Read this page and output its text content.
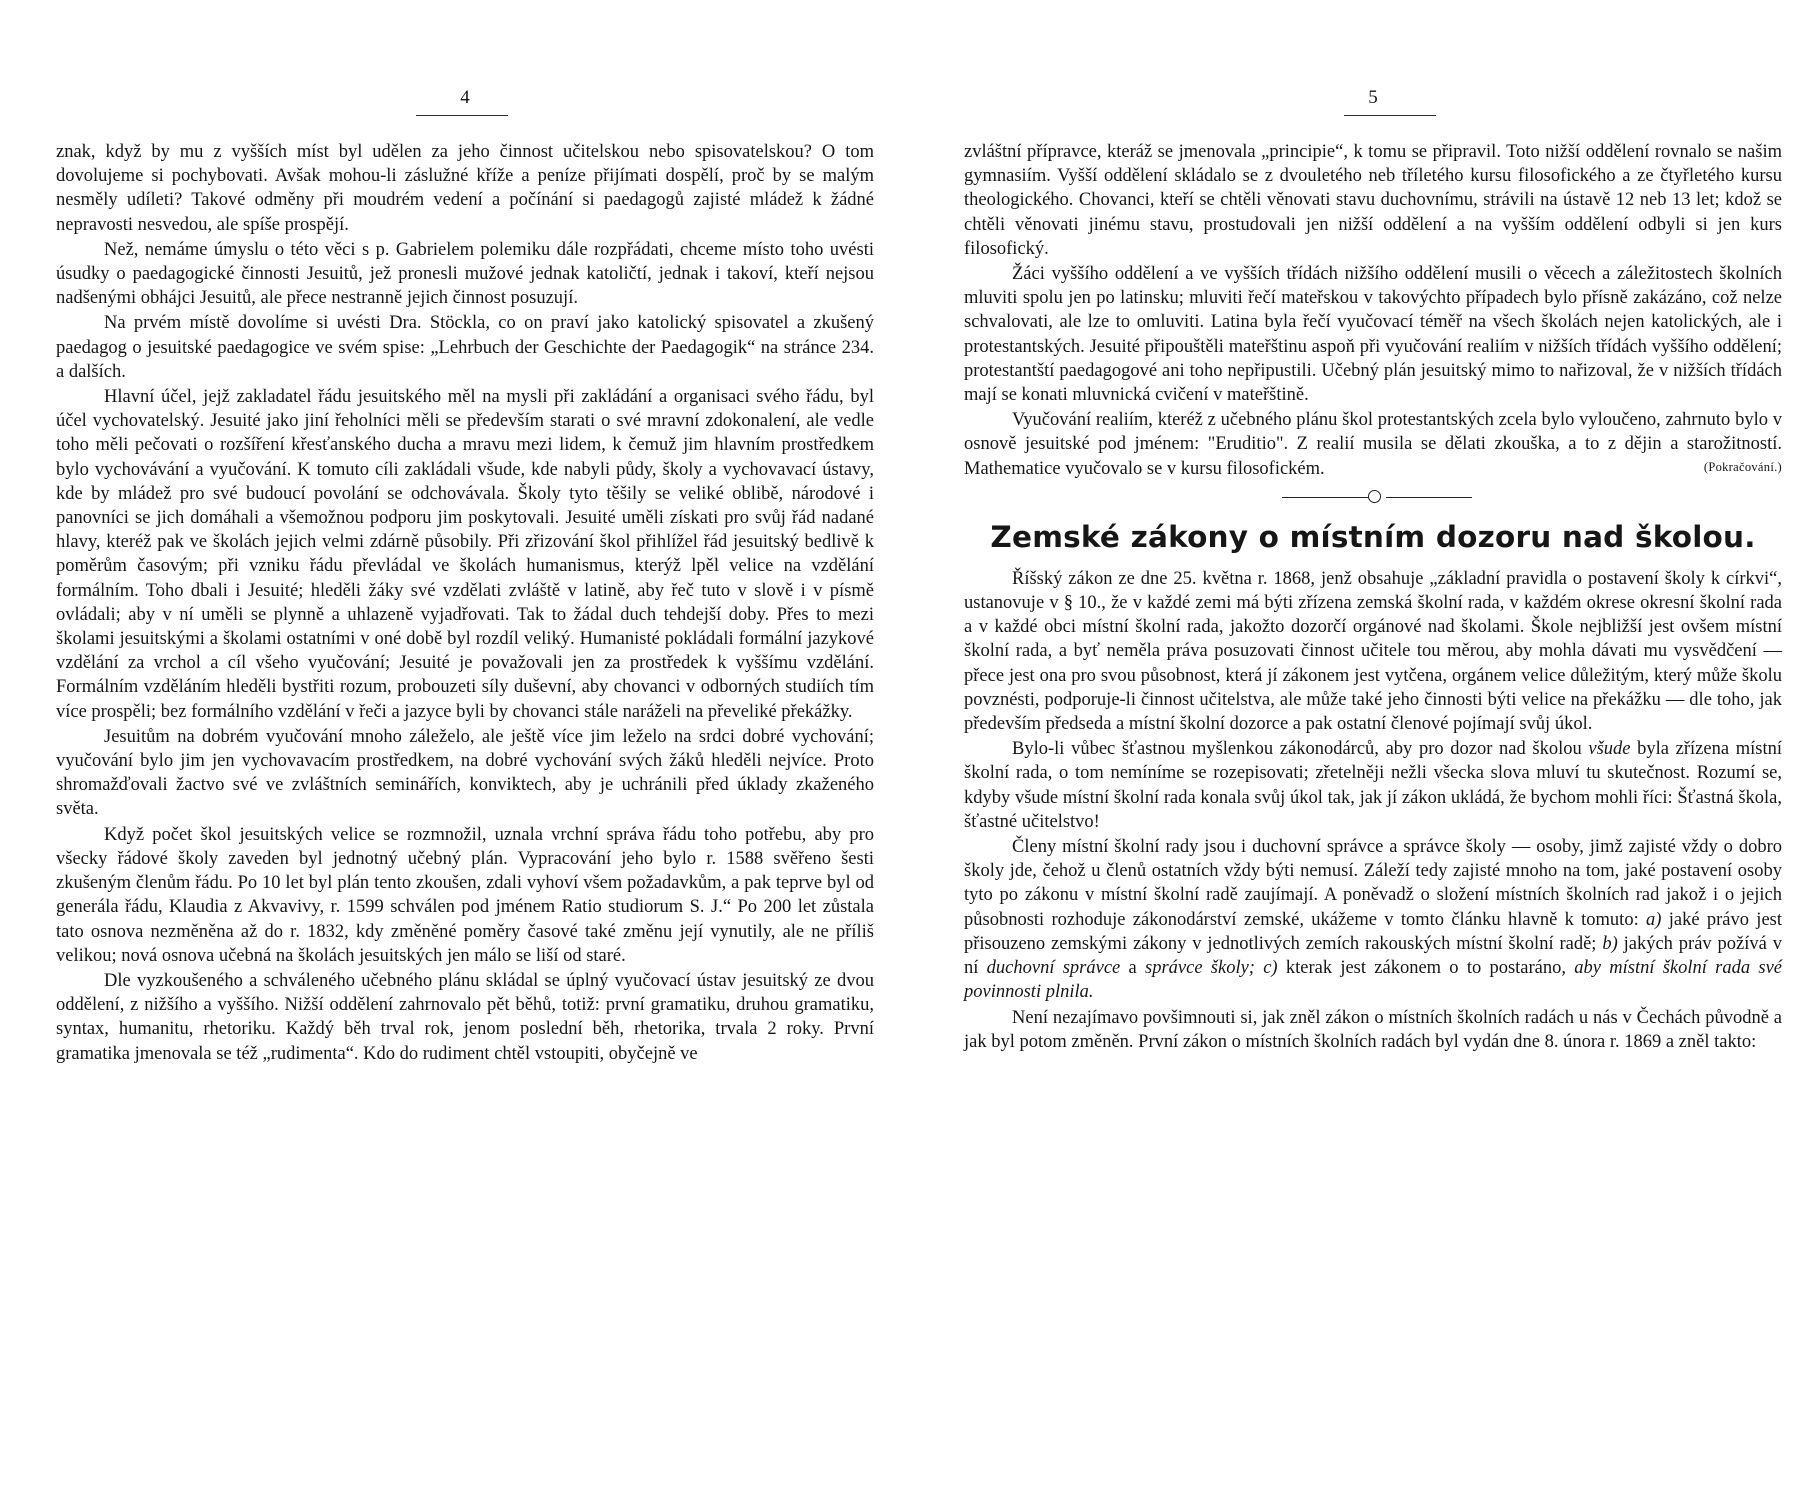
4

znak, když by mu z vyšších míst byl udělen za jeho činnost učitelskou nebo spisovatelskou? O tom dovolujeme si pochybovati. Avšak mohou-li záslužné kříže a peníze přijímati dospělí, proč by se malým nesměly udíleti? Takové odměny při moudrém vedení a počínání si paedagogů zajisté mládež k žádné nepravosti nesvedou, ale spíše prospějí.

Než, nemáme úmyslu o této věci s p. Gabrielem polemiku dále rozpřádati, chceme místo toho uvésti úsudky o paedagogické činnosti Jesuitů, jež pronesli mužové jednak katoličtí, jednak i takoví, kteří nejsou nadšenými obhájci Jesuitů, ale přece nestranně jejich činnost posuzují.

Na prvém místě dovolíme si uvésti Dra. Stöckla, co on praví jako katolický spisovatel a zkušený paedagog o jesuitské paedagogice ve svém spise: „Lehrbuch der Geschichte der Paedagogik“ na stránce 234. a dalších.

Hlavní účel, jejž zakladatel řádu jesuitského měl na mysli při zakládání a organisaci svého řádu, byl účel vychovatelský. Jesuité jako jiní řeholníci měli se především starati o své mravní zdokonalení, ale vedle toho měli pečovati o rozšíření křesťanského ducha a mravu mezi lidem, k čemuž jim hlavním prostředkem bylo vychovávání a vyučování. K tomuto cíli zakládali všude, kde nabyli půdy, školy a vychovavací ústavy, kde by mládež pro své budoucí povolání se odchovávala. Školy tyto těšily se veliké oblibě, národové i panovníci se jich domáhali a všemožnou podporu jim poskytovali. Jesuité uměli získati pro svůj řád nadané hlavy, kteréž pak ve školách jejich velmi zdárně působily. Při zřizování škol přihlížel řád jesuitský bedlivě k poměrům časovým; při vzniku řádu převládal ve školách humanismus, kterýž lpěl velice na vzdělání formálním. Toho dbali i Jesuité; hleděli žáky své vzdělati zvláště v latině, aby řeč tuto v slově i v písmě ovládali; aby v ní uměli se plynně a uhlazeně vyjadřovati. Tak to žádal duch tehdejší doby. Přes to mezi školami jesuitskými a školami ostatními v oné době byl rozdíl veliký. Humanisté pokládali formální jazykové vzdělání za vrchol a cíl všeho vyučování; Jesuité je považovali jen za prostředek k vyššímu vzdělání. Formálním vzděláním hleděli bystřiti rozum, probouzeti síly duševní, aby chovanci v odborných studiích tím více prospěli; bez formálního vzdělání v řeči a jazyce byli by chovanci stále naráželi na převeliké překážky.

Jesuitům na dobrém vyučování mnoho záleželo, ale ještě více jim leželo na srdci dobré vychování; vyučování bylo jim jen vychovavacím prostředkem, na dobré vychování svých žáků hleděli nejvíce. Proto shromažďovali žactvo své ve zvláštních seminářích, konviktech, aby je uchránili před úklady zkaženého světa.

Když počet škol jesuitských velice se rozmnožil, uznala vrchní správa řádu toho potřebu, aby pro všecky řádové školy zaveden byl jednotný učebný plán. Vypracování jeho bylo r. 1588 svěřeno šesti zkušeným členům řádu. Po 10 let byl plán tento zkoušen, zdali vyhoví všem požadavkům, a pak teprve byl od generála řádu, Klaudia z Akvavivy, r. 1599 schválen pod jménem Ratio studiorum S. J.“ Po 200 let zůstala tato osnova nezměněna až do r. 1832, kdy změněné poměry časové také změnu její vynutily, ale ne příliš velikou; nová osnova učebná na školách jesuitských jen málo se liší od staré.

Dle vyzkoušeného a schváleného učebného plánu skládal se úplný vyučovací ústav jesuitský ze dvou oddělení, z nižšího a vyššího. Nižší oddělení zahrnovalo pět běhů, totiž: první gramatiku, druhou gramatiku, syntax, humanitu, rhetoriku. Každý běh trval rok, jenom poslední běh, rhetorika, trvala 2 roky. První gramatika jmenovala se též „rudimenta“. Kdo do rudiment chtěl vstoupiti, obyčejně ve

5

zvláštní přípravce, kteráž se jmenovala „principie“, k tomu se připravil. Toto nižší oddělení rovnalo se našim gymnasiím. Vyšší oddělení skládalo se z dvouletého neb tříletého kursu filosofického a ze čtyřletého kursu theologického. Chovanci, kteří se chtěli věnovati stavu duchovnímu, strávili na ústavě 12 neb 13 let; kdož se chtěli věnovati jinému stavu, prostudovali jen nižší oddělení a na vyšším oddělení odbyli si jen kurs filosofický.

Žáci vyššího oddělení a ve vyšších třídách nižšího oddělení musili o věcech a záležitostech školních mluviti spolu jen po latinsku; mluviti řečí mateřskou v takovýchto případech bylo přísně zakázáno, což nelze schvalovati, ale lze to omluviti. Latina byla řečí vyučovací téměř na všech školách nejen katolických, ale i protestantských. Jesuité připouštěli mateřštinu aspoň při vyučování realiím v nižších třídách vyššího oddělení; protestantští paedagogové ani toho nepřipustili. Učebný plán jesuitský mimo to nařizoval, že v nižších třídách mají se konati mluvnická cvičení v mateřštině.

Vyučování realiím, kteréž z učebného plánu škol protestantských zcela bylo vyloučeno, zahrnuto bylo v osnově jesuitské pod jménem: "Eruditio". Z realií musila se dělati zkouška, a to z dějin a starožitností. Mathematice vyučovalo se v kursu filosofickém.	(Pokračování.)
Zemské zákony o místním dozoru nad školou.

Říšský zákon ze dne 25. května r. 1868, jenž obsahuje „základní pravidla o postavení školy k církvi“, ustanovuje v § 10., že v každé zemi má býti zřízena zemská školní rada, v každém okrese okresní školní rada a v každé obci místní školní rada, jakožto dozorčí orgánové nad školami. Škole nejbližší jest ovšem místní školní rada, a byť neměla práva posuzovati činnost učitele tou měrou, aby mohla dávati mu vysvědčení — přece jest ona pro svou působnost, která jí zákonem jest vytčena, orgánem velice důležitým, který může školu povznésti, podporuje-li činnost učitelstva, ale může také jeho činnosti býti velice na překážku — dle toho, jak především předseda a místní školní dozorce a pak ostatní členové pojímají svůj úkol.

Bylo-li vůbec šťastnou myšlenkou zákonodárců, aby pro dozor nad školou všude byla zřízena místní školní rada, o tom nemíníme se rozepisovati; zřetelněji nežli všecka slova mluví tu skutečnost. Rozumí se, kdyby všude místní školní rada konala svůj úkol tak, jak jí zákon ukládá, že bychom mohli říci: Šťastná škola, šťastné učitelstvo!

Členy místní školní rady jsou i duchovní správce a správce školy — osoby, jimž zajisté vždy o dobro školy jde, čehož u členů ostatních vždy býti nemusí. Záleží tedy zajisté mnoho na tom, jaké postavení osoby tyto po zákonu v místní školní radě zaujímají. A poněvadž o složení místních školních rad jakož i o jejich působnosti rozhoduje zákonodárství zemské, ukážeme v tomto článku hlavně k tomuto: a) jaké právo jest přisouzeno zemskými zákony v jednotlivých zemích rakouských místní školní radě; b) jakých práv požívá v ní duchovní správce a správce školy; c) kterak jest zákonem o to postaráno, aby místní školní rada své povinnosti plnila.

Není nezajímavo povšimnouti si, jak zněl zákon o místních školních radách u nás v Čechách původně a jak byl potom změněn. První zákon o místních školních radách byl vydán dne 8. února r. 1869 a zněl takto:
